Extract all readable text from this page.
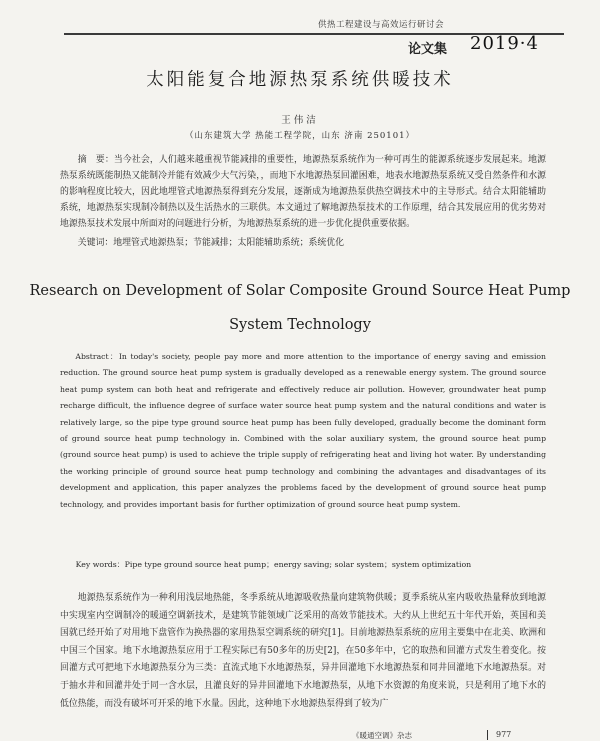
供热工程建设与高效运行研讨会
论文集 2019·4
太阳能复合地源热泵系统供暖技术
王伟洁
（山东建筑大学 热能工程学院，山东 济南 250101）

摘　要：当今社会，人们越来越重视节能减排的重要性，地源热泵系统作为一种可再生的能源系统逐步发展起来。地源热泵系统既能制热又能制冷并能有效减少大气污染，，而地下水地源热泵回灌困难，地表水地源热泵系统又受自然条件和水源的影响程度比较大，因此地埋管式地源热泵得到充分发展，逐渐成为地源热泵供热空调技术中的主导形式。结合太阳能辅助系统，地源热泵实现制冷制热以及生活热水的三联供。本文通过了解地源热泵技术的工作原理，结合其发展应用的优劣势对地源热泵技术发展中所面对的问题进行分析，为地源热泵系统的进一步优化提供重要依据。

关键词：地埋管式地源热泵；节能减排；太阳能辅助系统；系统优化

Research on Development of Solar Composite Ground Source Heat Pump
System Technology

Abstract：In today's society, people pay more and more attention to the importance of energy saving and emission reduction. The ground source heat pump system is gradually developed as a renewable energy system. The ground source heat pump system can both heat and refrigerate and effectively reduce air pollution. However, groundwater heat pump recharge difficult, the influence degree of surface water source heat pump system and the natural conditions and water is relatively large, so the pipe type ground source heat pump has been fully developed, gradually become the dominant form of ground source heat pump technology in. Combined with the solar auxiliary system, the ground source heat pump (ground source heat pump) is used to achieve the triple supply of refrigerating heat and living hot water. By understanding the working principle of ground source heat pump technology and combining the advantages and disadvantages of its development and application, this paper analyzes the problems faced by the development of ground source heat pump technology, and provides important basis for further optimization of ground source heat pump system.

Key words：Pipe type ground source heat pump；energy saving; solar system；system optimization

地源热泵系统作为一种利用浅层地热能，冬季系统从地源吸收热量向建筑物供暖；夏季系统从室内吸收热量释放到地源中实现室内空调制冷的暖通空调新技术，是建筑节能领域广泛采用的高效节能技术。大约从上世纪五十年代开始，英国和美国就已经开始了对用地下盘管作为换热器的家用热泵空调系统的研究[1]。目前地源热泵系统的应用主要集中在北美、欧洲和中国三个国家。地下水地源热泵应用于工程实际已有50多年的历史[2]，在50多年中，它的取热和回灌方式发生着变化。按回灌方式可把地下水地源热泵分为三类：直流式地下水地源热泵，异井回灌地下水地源热泵和同井回灌地下水地源热泵。对于抽水井和回灌井处于同一含水层，且灌良好的异井回灌地下水地源热泵，从地下水资源的角度来说，只是利用了地下水的低位热能，而没有破坏可开采的地下水量。因此，这种地下水地源热泵得到了较为广

《暖通空调》杂志	977
